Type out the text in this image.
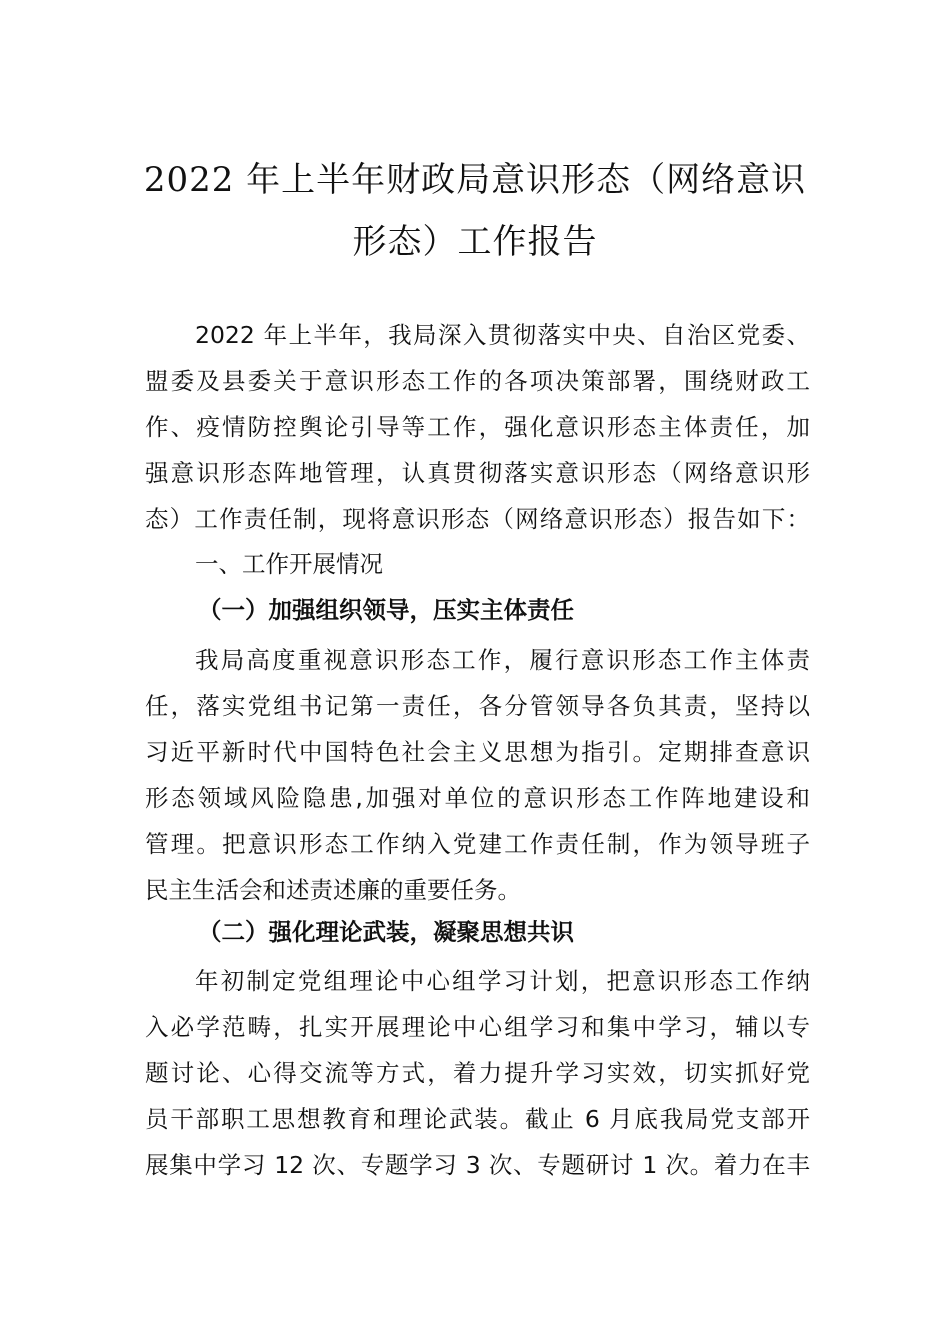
2022 年上半年财政局意识形态（网络意识
形态）工作报告
2022 年上半年，我局深入贯彻落实中央、自治区党委、
盟委及县委关于意识形态工作的各项决策部署，围绕财政工
作、疫情防控舆论引导等工作，强化意识形态主体责任，加
强意识形态阵地管理，认真贯彻落实意识形态（网络意识形
态）工作责任制，现将意识形态（网络意识形态）报告如下：
一、工作开展情况
（一）加强组织领导，压实主体责任
我局高度重视意识形态工作，履行意识形态工作主体责
任，落实党组书记第一责任，各分管领导各负其责，坚持以
习近平新时代中国特色社会主义思想为指引。定期排查意识
形态领域风险隐患,加强对单位的意识形态工作阵地建设和
管理。把意识形态工作纳入党建工作责任制，作为领导班子
民主生活会和述责述廉的重要任务。
（二）强化理论武装，凝聚思想共识
年初制定党组理论中心组学习计划，把意识形态工作纳
入必学范畴，扎实开展理论中心组学习和集中学习，辅以专
题讨论、心得交流等方式，着力提升学习实效，切实抓好党
员干部职工思想教育和理论武装。截止 6 月底我局党支部开
展集中学习 12 次、专题学习 3 次、专题研讨 1 次。着力在丰
